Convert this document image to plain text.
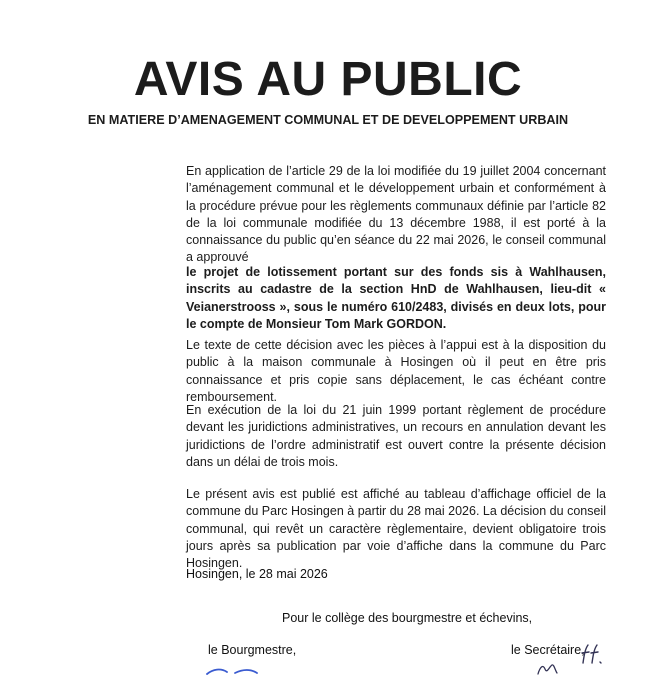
AVIS AU PUBLIC
EN MATIERE D’AMENAGEMENT COMMUNAL ET DE DEVELOPPEMENT URBAIN
En application de l’article 29 de la loi modifiée du 19 juillet 2004 concernant l’aménagement communal et le développement urbain et conformément à la procédure prévue pour les règlements communaux définie par l’article 82 de la loi communale modifiée du 13 décembre 1988, il est porté à la connaissance du public qu’en séance du 22 mai 2026, le conseil communal a approuvé
le projet de lotissement portant sur des fonds sis à Wahlhausen, inscrits au cadastre de la section HnD de Wahlhausen, lieu-dit « Veianerstrooss », sous le numéro 610/2483, divisés en deux lots, pour le compte de Monsieur Tom Mark GORDON.
Le texte de cette décision avec les pièces à l’appui est à la disposition du public à la maison communale à Hosingen où il peut en être pris connaissance et pris copie sans déplacement, le cas échéant contre remboursement.
En exécution de la loi du 21 juin 1999 portant règlement de procédure devant les juridictions administratives, un recours en annulation devant les juridictions de l’ordre administratif est ouvert contre la présente décision dans un délai de trois mois.
Le présent avis est publié est affiché au tableau d’affichage officiel de la commune du Parc Hosingen à partir du 28 mai 2026. La décision du conseil communal, qui revêt un caractère règlementaire, devient obligatoire trois jours après sa publication par voie d’affiche dans la commune du Parc Hosingen.
Hosingen, le 28 mai 2026
Pour le collège des bourgmestre et échevins,
le Bourgmestre,	le Secrétaire,
